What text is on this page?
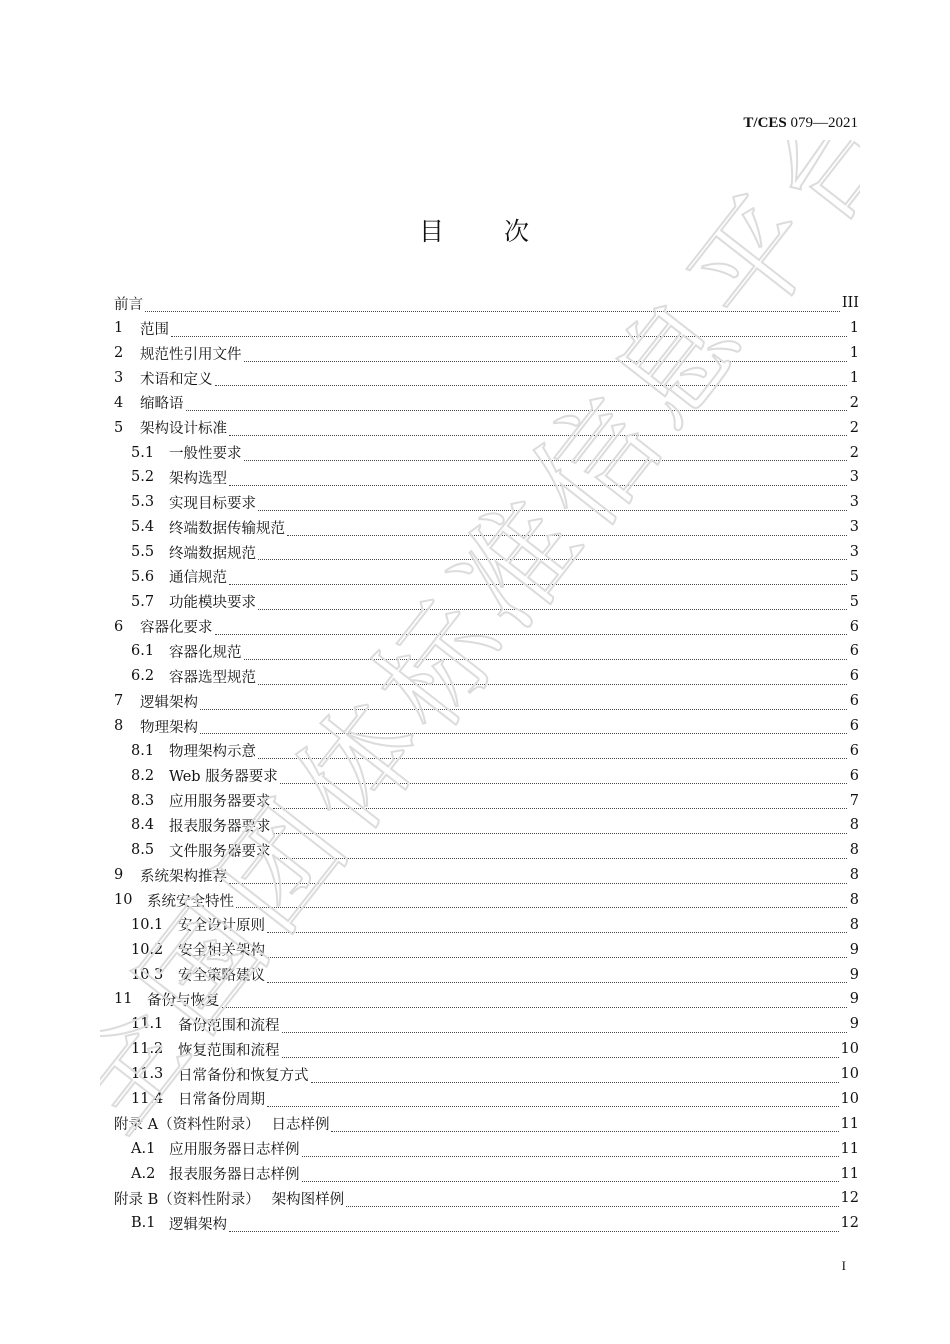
T/CES 079—2021
目 次
前言	III
1	范围	1
2	规范性引用文件	1
3	术语和定义	1
4	缩略语	2
5	架构设计标准	2
5.1	一般性要求	2
5.2	架构选型	3
5.3	实现目标要求	3
5.4	终端数据传输规范	3
5.5	终端数据规范	3
5.6	通信规范	5
5.7	功能模块要求	5
6	容器化要求	6
6.1	容器化规范	6
6.2	容器选型规范	6
7	逻辑架构	6
8	物理架构	6
8.1	物理架构示意	6
8.2	Web 服务器要求	6
8.3	应用服务器要求	7
8.4	报表服务器要求	8
8.5	文件服务器要求	8
9	系统架构推荐	8
10	系统安全特性	8
10.1	安全设计原则	8
10.2	安全相关架构	9
10.3	安全策略建议	9
11	备份与恢复	9
11.1	备份范围和流程	9
11.2	恢复范围和流程	10
11.3	日常备份和恢复方式	10
11.4	日常备份周期	10
附录 A（资料性附录）　 日志样例	11
A.1 应用服务器日志样例	11
A.2 报表服务器日志样例	11
附录 B（资料性附录）　 架构图样例	12
B.1 逻辑架构	12
I
全国团体标准信息平台
